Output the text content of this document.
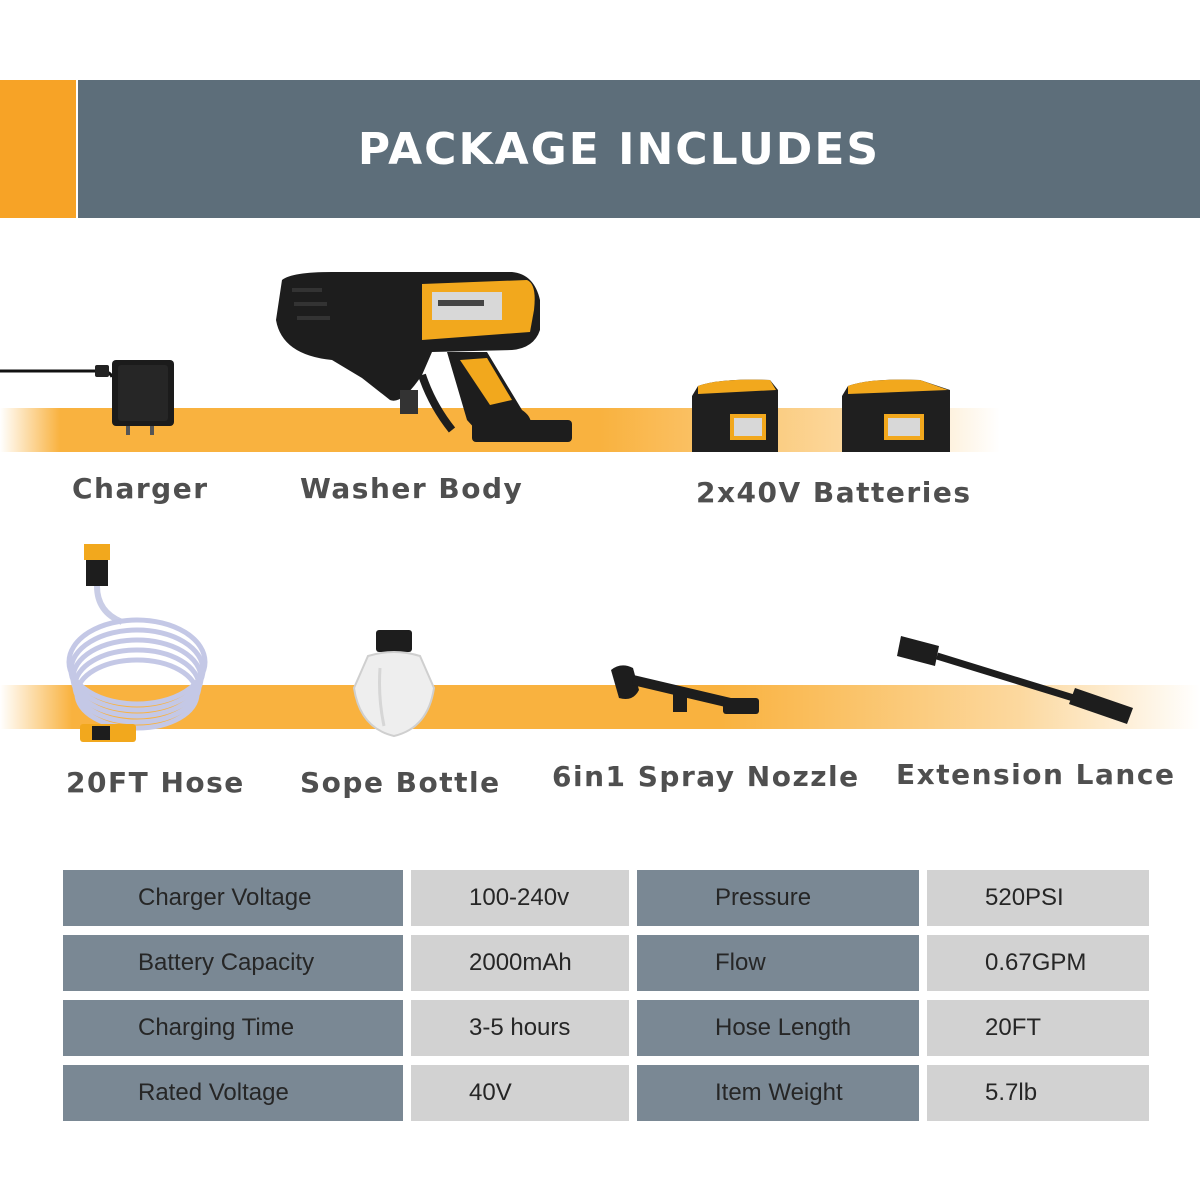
PACKAGE INCLUDES
Charger	Washer Body	2x40V Batteries
20FT Hose Sope Bottle 6in1 Spray Nozzle Extension Lance
Charger Voltage	100-240v	Pressure	520PSI
Battery Capacity	2000mAh	Flow	0.67GPM
Charging Time	3-5 hours	Hose Length	20FT
Rated Voltage	40V	Item Weight	5.7lb
